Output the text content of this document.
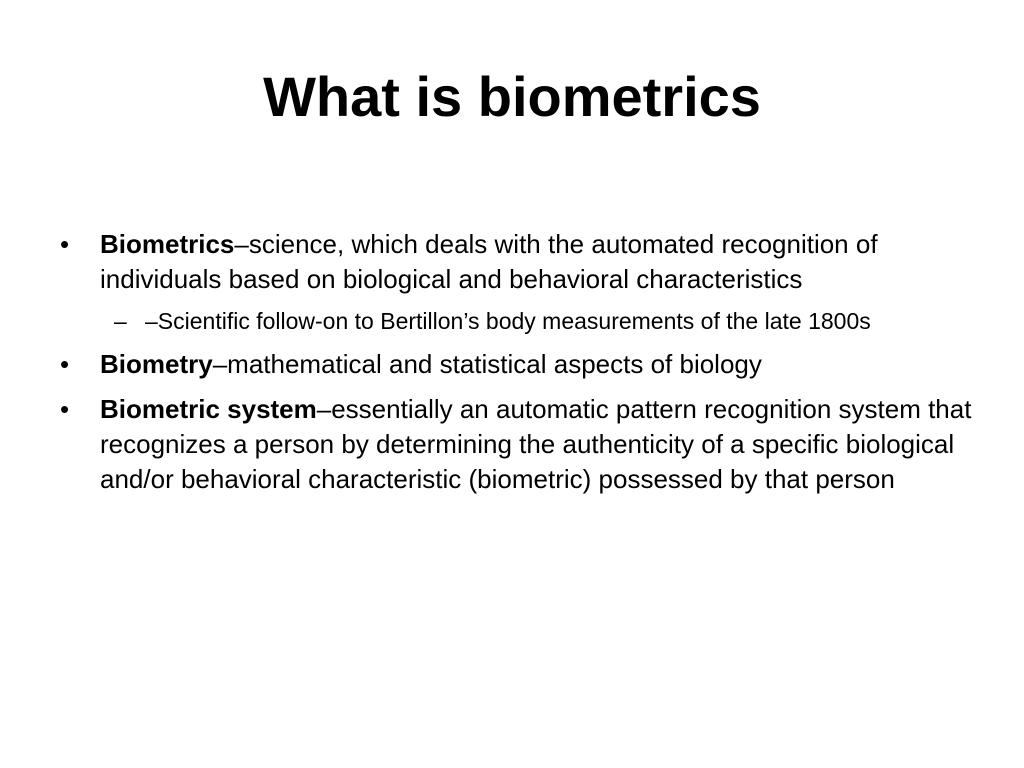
What is biometrics
• Biometrics–science, which deals with the automated recognition of individuals based on biological and behavioral characteristics
– –Scientific follow-on to Bertillon’s body measurements of the late 1800s
• Biometry–mathematical and statistical aspects of biology
• Biometric system–essentially an automatic pattern recognition system that recognizes a person by determining the authenticity of a specific biological and/or behavioral characteristic (biometric) possessed by that person
